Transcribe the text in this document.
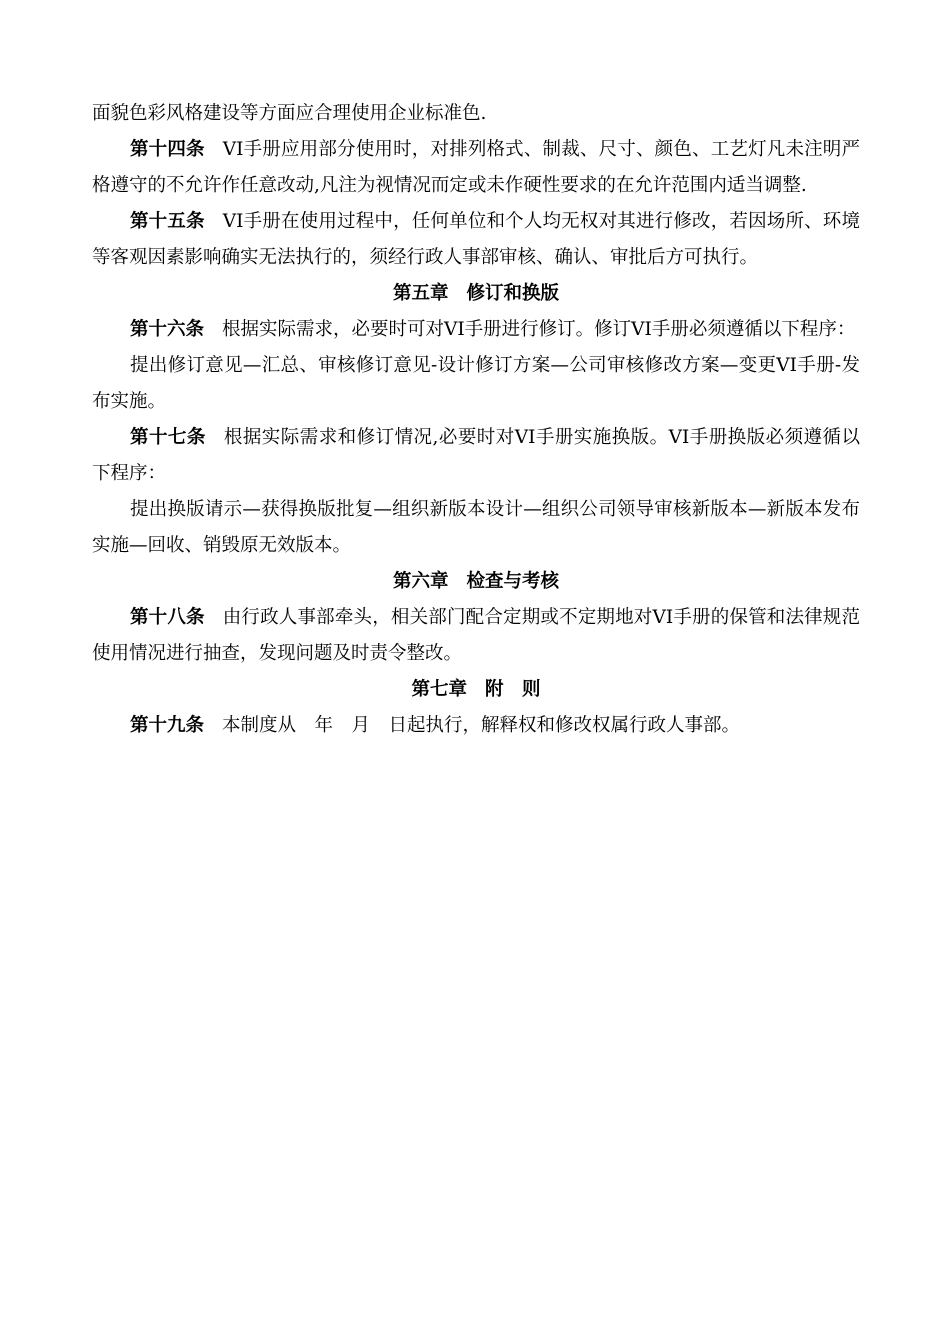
面貌色彩风格建设等方面应合理使用企业标准色.

第十四条 VI手册应用部分使用时，对排列格式、制裁、尺寸、颜色、工艺灯凡未注明严格遵守的不允许作任意改动,凡注为视情况而定或未作硬性要求的在允许范围内适当调整.

第十五条 VI手册在使用过程中，任何单位和个人均无权对其进行修改，若因场所、环境等客观因素影响确实无法执行的，须经行政人事部审核、确认、审批后方可执行。

第五章 修订和换版

第十六条 根据实际需求，必要时可对VI手册进行修订。修订VI手册必须遵循以下程序：

提出修订意见—汇总、审核修订意见-设计修订方案—公司审核修改方案—变更VI手册-发布实施。

第十七条 根据实际需求和修订情况,必要时对VI手册实施换版。VI手册换版必须遵循以下程序：

提出换版请示—获得换版批复—组织新版本设计—组织公司领导审核新版本—新版本发布实施—回收、销毁原无效版本。

第六章 检查与考核

第十八条 由行政人事部牵头，相关部门配合定期或不定期地对VI手册的保管和法律规范使用情况进行抽查，发现问题及时责令整改。

第七章 附　则

第十九条 本制度从　年　月　日起执行，解释权和修改权属行政人事部。
